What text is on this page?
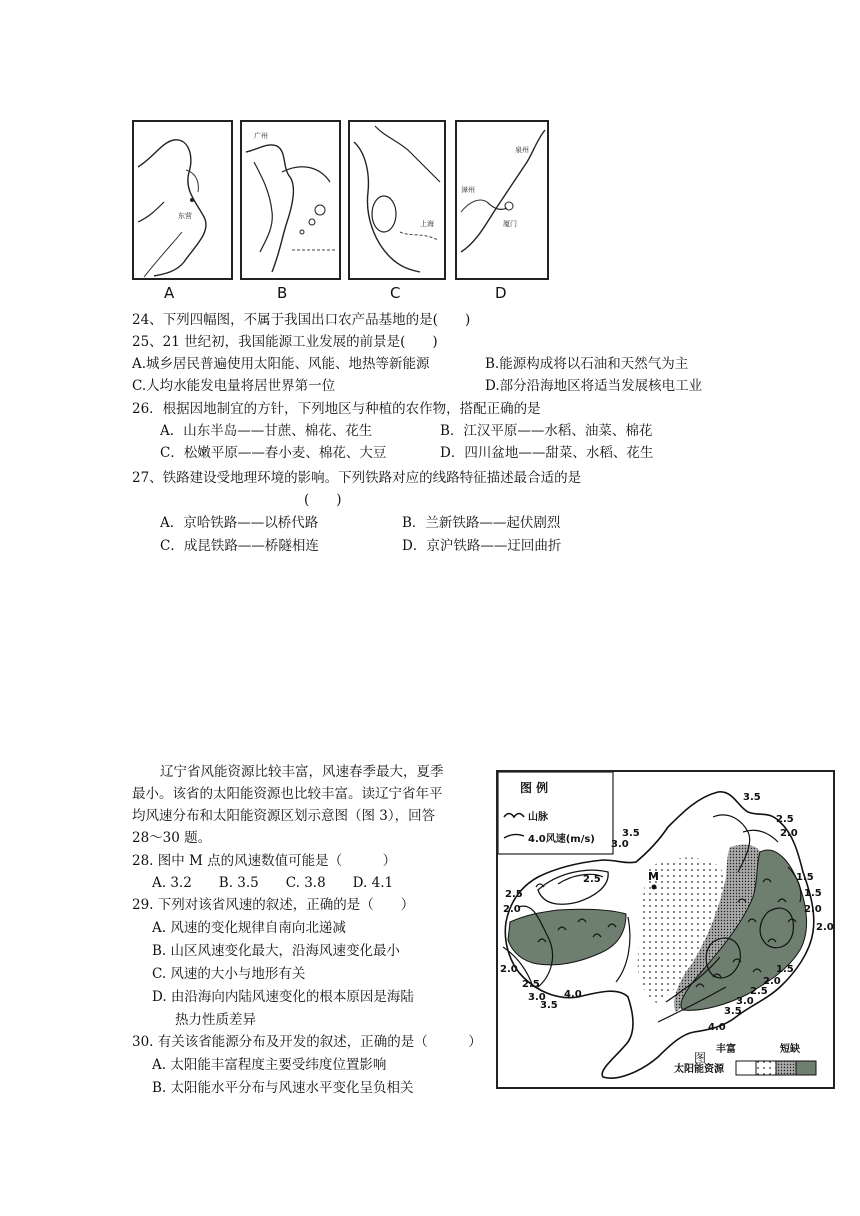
东营
广州
上海
泉州
漳州
厦门
A	B	C	D
24、下列四幅图，不属于我国出口农产品基地的是(　　)
25、21 世纪初，我国能源工业发展的前景是(　　)
A.城乡居民普遍使用太阳能、风能、地热等新能源	B.能源构成将以石油和天然气为主
C.人均水能发电量将居世界第一位	D.部分沿海地区将适当发展核电工业
26．根据因地制宜的方针，下列地区与种植的农作物，搭配正确的是
A．山东半岛——甘蔗、棉花、花生	B．江汉平原——水稻、油菜、棉花
C．松嫩平原——春小麦、棉花、大豆	D．四川盆地——甜菜、水稻、花生
27、铁路建设受地理环境的影响。下列铁路对应的线路特征描述最合适的是
(　　)
A．京哈铁路——以桥代路	B．兰新铁路——起伏剧烈
C．成昆铁路——桥隧相连	D．京沪铁路——迂回曲折
辽宁省风能资源比较丰富，风速春季最大，夏季
最小。该省的太阳能资源也比较丰富。读辽宁省年平
均风速分布和太阳能资源区划示意图（图 3），回答
28～30 题。
28. 图中 M 点的风速数值可能是（　　　）
A. 3.2　　B. 3.5　　C. 3.8　　D. 4.1
29. 下列对该省风速的叙述，正确的是（　　）
A. 风速的变化规律自南向北递减
B. 山区风速变化最大，沿海风速变化最小
C. 风速的大小与地形有关
D. 由沿海向内陆风速变化的根本原因是海陆
热力性质差异
30. 有关该省能源分布及开发的叙述，正确的是（　　　）
A. 太阳能丰富程度主要受纬度位置影响
B. 太阳能水平分布与风速水平变化呈负相关
图 例
山脉
4.0风速(m/s)
M
3.5
2.5
2.0
3.5
3.0
2.5	1.5
1.5
2.0
2.0
2.5
2.0
2.0
2.5
3.0
3.5
4.0
1.5
2.0
2.5
3.0
3.5
4.0
图
丰富	短缺
太阳能资源
